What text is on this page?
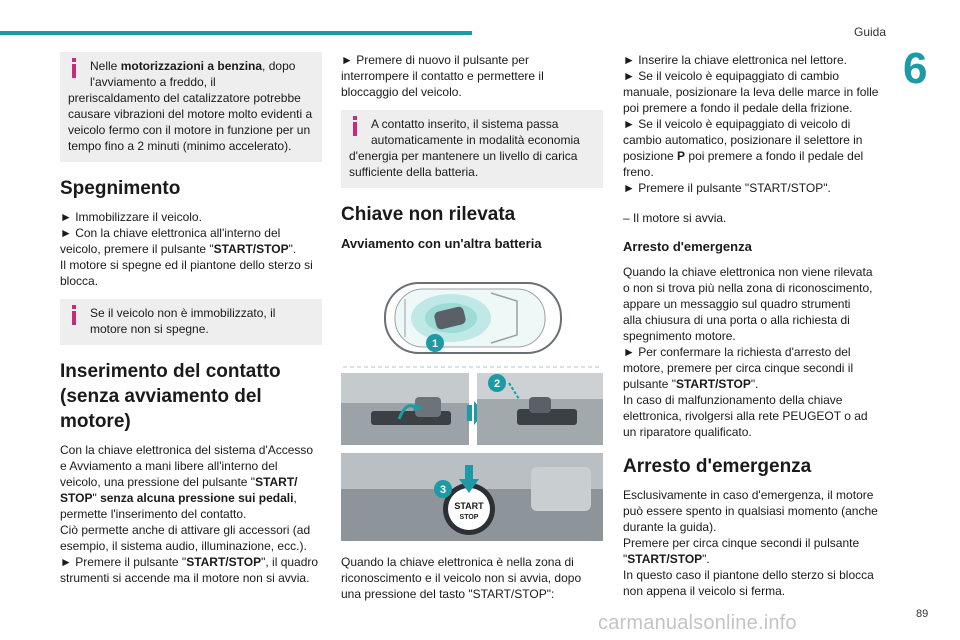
Guida
6
89
carmanualsonline.info
Nelle motorizzazioni a benzina, dopo
l'avviamento a freddo, il
preriscaldamento del catalizzatore potrebbe causare vibrazioni del motore molto evidenti a veicolo fermo con il motore in funzione per un tempo fino a 2 minuti (minimo accelerato).
Spegnimento
► Immobilizzare il veicolo.
► Con la chiave elettronica all'interno del
veicolo, premere il pulsante "START/STOP".
Il motore si spegne ed il piantone dello sterzo si
blocca.
Se il veicolo non è immobilizzato, il
motore non si spegne.
Inserimento del contatto (senza avviamento del motore)
Con la chiave elettronica del sistema d'Accesso
e Avviamento a mani libere all'interno del
veicolo, una pressione del pulsante "START/
STOP" senza alcuna pressione sui pedali,
permette l'inserimento del contatto.
Ciò permette anche di attivare gli accessori (ad
esempio, il sistema audio, illuminazione, ecc.).
► Premere il pulsante "START/STOP", il quadro
strumenti si accende ma il motore non si avvia.
► Premere di nuovo il pulsante per
interrompere il contatto e permettere il
bloccaggio del veicolo.
A contatto inserito, il sistema passa
automaticamente in modalità economia
d'energia per mantenere un livello di carica sufficiente della batteria.
Chiave non rilevata
Avviamento con un'altra batteria
1
2
START
STOP
3
Quando la chiave elettronica è nella zona di
riconoscimento e il veicolo non si avvia, dopo
una pressione del tasto "START/STOP":
► Inserire la chiave elettronica nel lettore.
► Se il veicolo è equipaggiato di cambio
manuale, posizionare la leva delle marce in folle
poi premere a fondo il pedale della frizione.
► Se il veicolo è equipaggiato di veicolo di
cambio automatico, posizionare il selettore in
posizione P poi premere a fondo il pedale del
freno.
► Premere il pulsante "START/STOP".
– Il motore si avvia.
Arresto d'emergenza
Quando la chiave elettronica non viene rilevata
o non si trova più nella zona di riconoscimento,
appare un messaggio sul quadro strumenti
alla chiusura di una porta o alla richiesta di
spegnimento motore.
► Per confermare la richiesta d'arresto del
motore, premere per circa cinque secondi il
pulsante "START/STOP".
In caso di malfunzionamento della chiave
elettronica, rivolgersi alla rete PEUGEOT o ad
un riparatore qualificato.
Arresto d'emergenza
Esclusivamente in caso d'emergenza, il motore
può essere spento in qualsiasi momento (anche
durante la guida).
Premere per circa cinque secondi il pulsante
"START/STOP".
In questo caso il piantone dello sterzo si blocca
non appena il veicolo si ferma.
